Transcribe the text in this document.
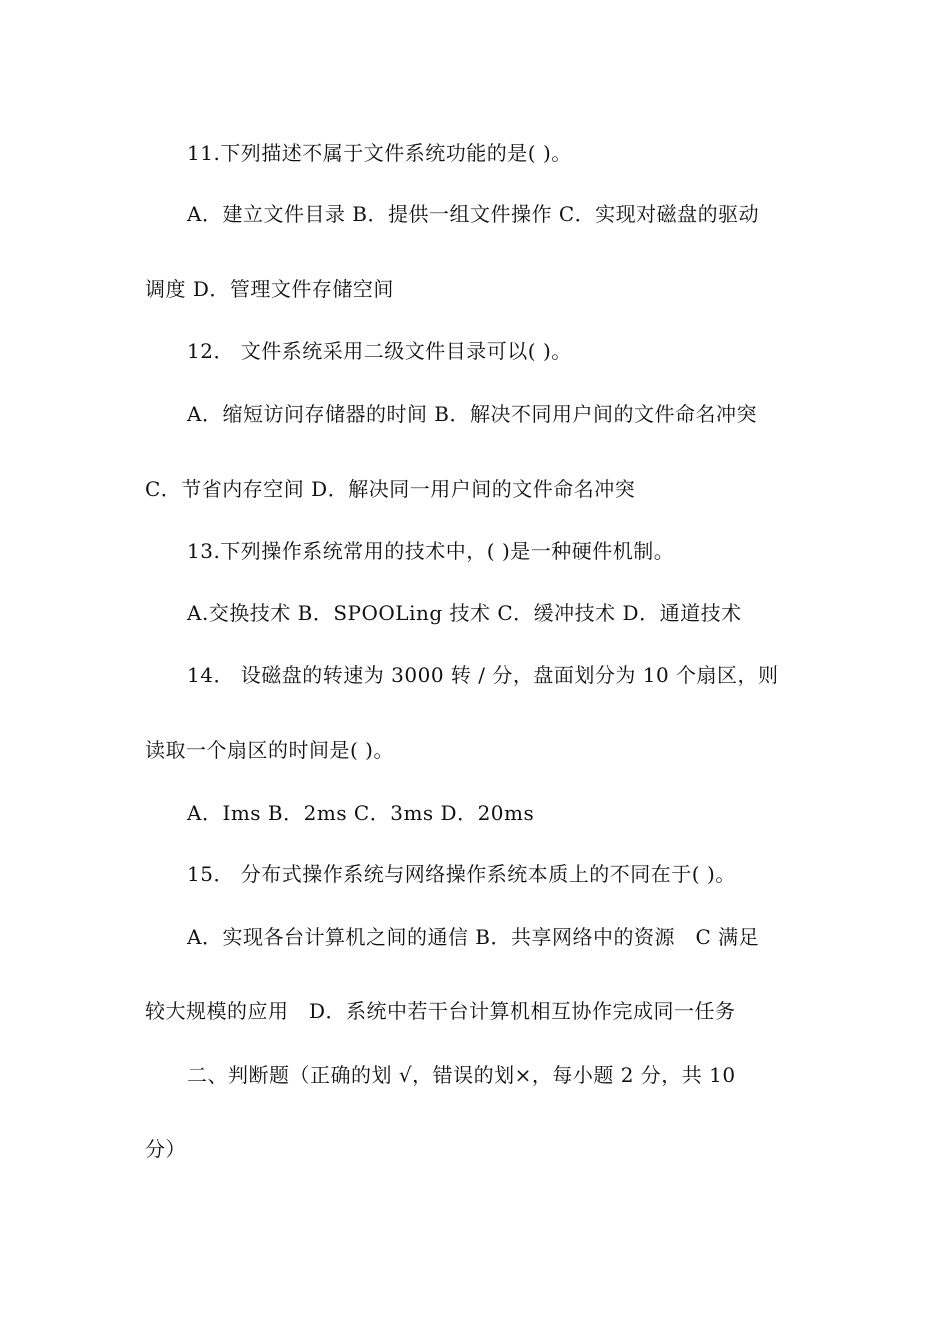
11.下列描述不属于文件系统功能的是( )。
A．建立文件目录 B．提供一组文件操作 C．实现对磁盘的驱动
调度 D．管理文件存储空间
12． 文件系统采用二级文件目录可以( )。
A．缩短访问存储器的时间 B．解决不同用户间的文件命名冲突
C．节省内存空间 D．解决同一用户间的文件命名冲突
13.下列操作系统常用的技术中，( )是一种硬件机制。
A.交换技术 B．SPOOLing 技术 C．缓冲技术 D．通道技术
14． 设磁盘的转速为 3000 转 / 分，盘面划分为 10 个扇区，则
读取一个扇区的时间是( )。
A．Ims B．2ms C．3ms D．20ms
15． 分布式操作系统与网络操作系统本质上的不同在于( )。
A．实现各台计算机之间的通信 B．共享网络中的资源　C 满足
较大规模的应用　D．系统中若干台计算机相互协作完成同一任务
二、判断题（正确的划 √，错误的划×，每小题 2 分，共 10
分）
